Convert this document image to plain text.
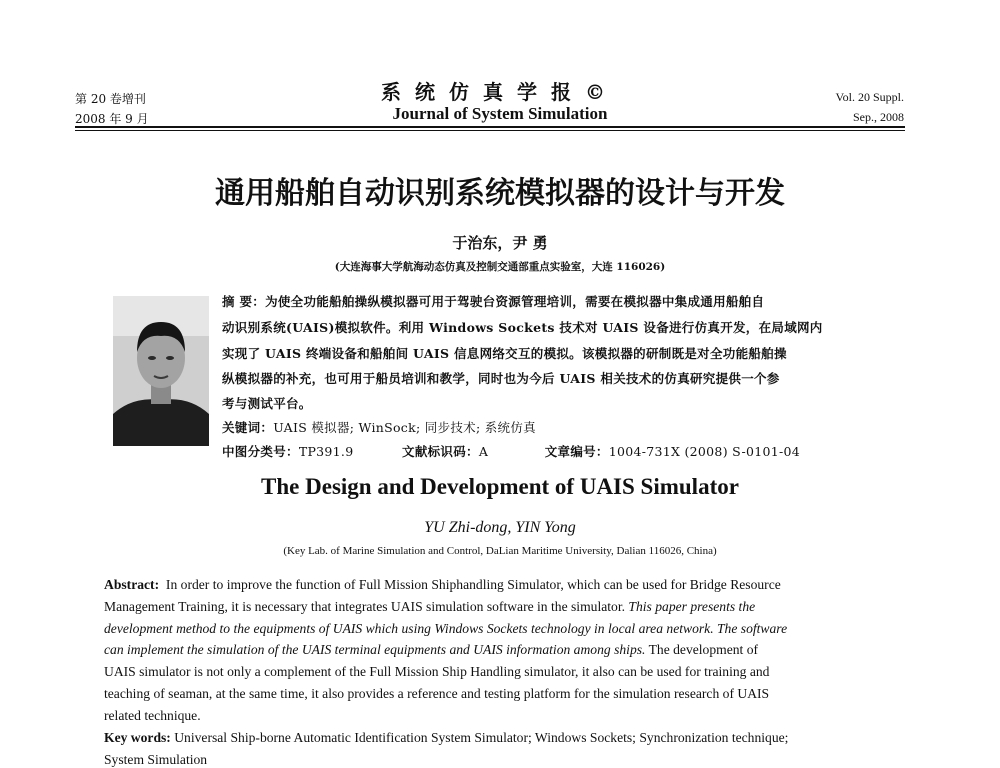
第 20 卷增刊
2008 年 9 月
系统仿真学报©
Journal of System Simulation
Vol. 20 Suppl.
Sep., 2008
通用船舶自动识别系统模拟器的设计与开发
于治东，尹 勇
(大连海事大学航海动态仿真及控制交通部重点实验室，大连 116026)
摘 要：为使全功能船舶操纵模拟器可用于驾驶台资源管理培训，需要在模拟器中集成通用船舶自
动识别系统(UAIS)模拟软件。利用 Windows Sockets 技术对 UAIS 设备进行仿真开发，在局域网内
实现了 UAIS 终端设备和船舶间 UAIS 信息网络交互的模拟。该模拟器的研制既是对全功能船舶操
纵模拟器的补充，也可用于船员培训和教学，同时也为今后 UAIS 相关技术的仿真研究提供一个参
考与测试平台。
关键词：UAIS 模拟器; WinSock; 同步技术; 系统仿真
中图分类号：TP391.9	文献标识码：A	文章编号：1004-731X (2008) S-0101-04
The Design and Development of UAIS Simulator
YU Zhi-dong, YIN Yong
(Key Lab. of Marine Simulation and Control, DaLian Maritime University, Dalian 116026, China)
Abstract: In order to improve the function of Full Mission Shiphandling Simulator, which can be used for Bridge Resource
Management Training, it is necessary that integrates UAIS simulation software in the simulator. This paper presents the
development method to the equipments of UAIS which using Windows Sockets technology in local area network. The software
can implement the simulation of the UAIS terminal equipments and UAIS information among ships. The development of
UAIS simulator is not only a complement of the Full Mission Ship Handling simulator, it also can be used for training and
teaching of seaman, at the same time, it also provides a reference and testing platform for the simulation research of UAIS
related technique.
Key words: Universal Ship-borne Automatic Identification System Simulator; Windows Sockets; Synchronization technique;
System Simulation
